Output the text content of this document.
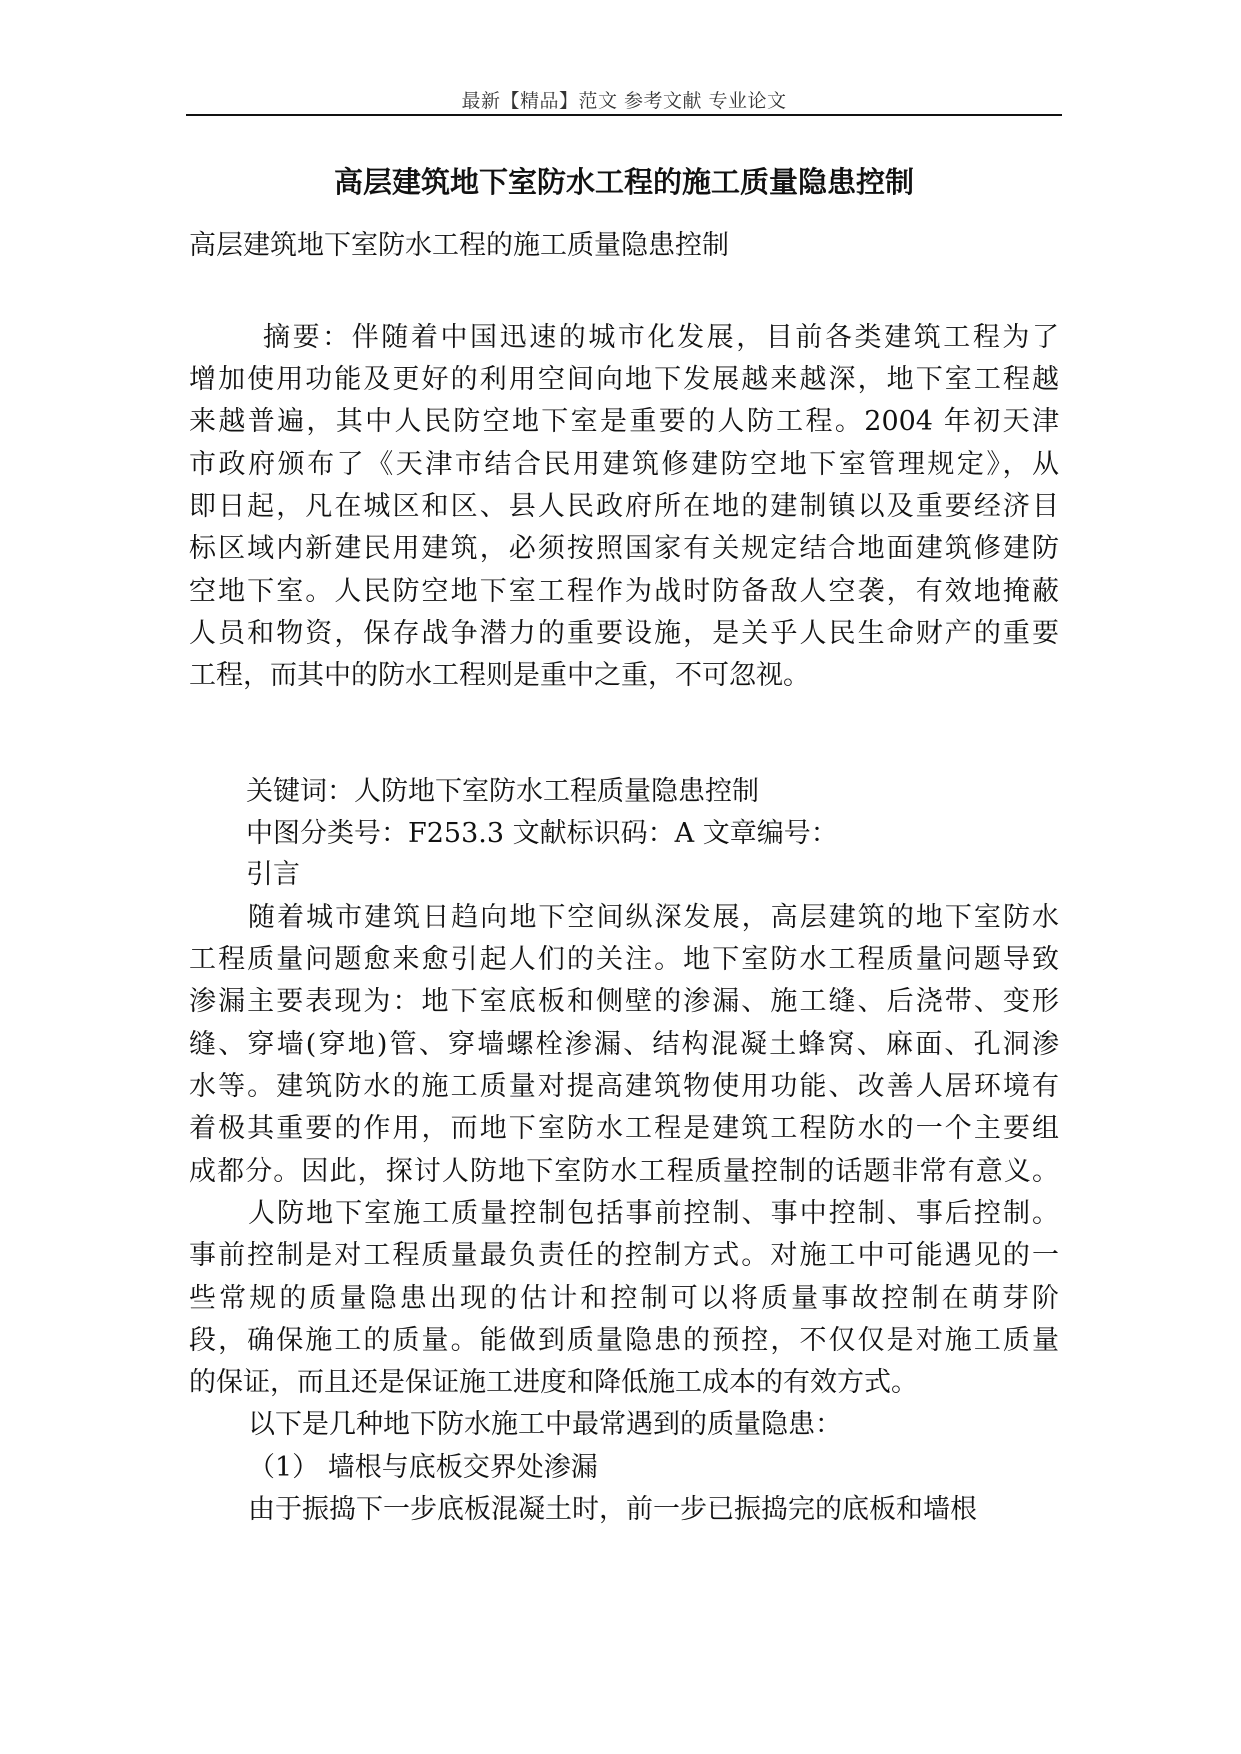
最新【精品】范文 参考文献 专业论文
高层建筑地下室防水工程的施工质量隐患控制
高层建筑地下室防水工程的施工质量隐患控制
摘要：伴随着中国迅速的城市化发展，目前各类建筑工程为了
增加使用功能及更好的利用空间向地下发展越来越深，地下室工程越
来越普遍，其中人民防空地下室是重要的人防工程。2004 年初天津
市政府颁布了《天津市结合民用建筑修建防空地下室管理规定》，从
即日起，凡在城区和区、县人民政府所在地的建制镇以及重要经济目
标区域内新建民用建筑，必须按照国家有关规定结合地面建筑修建防
空地下室。人民防空地下室工程作为战时防备敌人空袭，有效地掩蔽
人员和物资，保存战争潜力的重要设施，是关乎人民生命财产的重要
工程，而其中的防水工程则是重中之重，不可忽视。
关键词：人防地下室防水工程质量隐患控制
中图分类号：F253.3 文献标识码：A 文章编号：
引言
随着城市建筑日趋向地下空间纵深发展，高层建筑的地下室防水
工程质量问题愈来愈引起人们的关注。地下室防水工程质量问题导致
渗漏主要表现为：地下室底板和侧壁的渗漏、施工缝、后浇带、变形
缝、穿墙(穿地)管、穿墙螺栓渗漏、结构混凝土蜂窝、麻面、孔洞渗
水等。建筑防水的施工质量对提高建筑物使用功能、改善人居环境有
着极其重要的作用，而地下室防水工程是建筑工程防水的一个主要组
成都分。因此，探讨人防地下室防水工程质量控制的话题非常有意义。
人防地下室施工质量控制包括事前控制、事中控制、事后控制。
事前控制是对工程质量最负责任的控制方式。对施工中可能遇见的一
些常规的质量隐患出现的估计和控制可以将质量事故控制在萌芽阶
段，确保施工的质量。能做到质量隐患的预控，不仅仅是对施工质量
的保证，而且还是保证施工进度和降低施工成本的有效方式。
以下是几种地下防水施工中最常遇到的质量隐患：
（1） 墙根与底板交界处渗漏
由于振捣下一步底板混凝土时，前一步已振捣完的底板和墙根
